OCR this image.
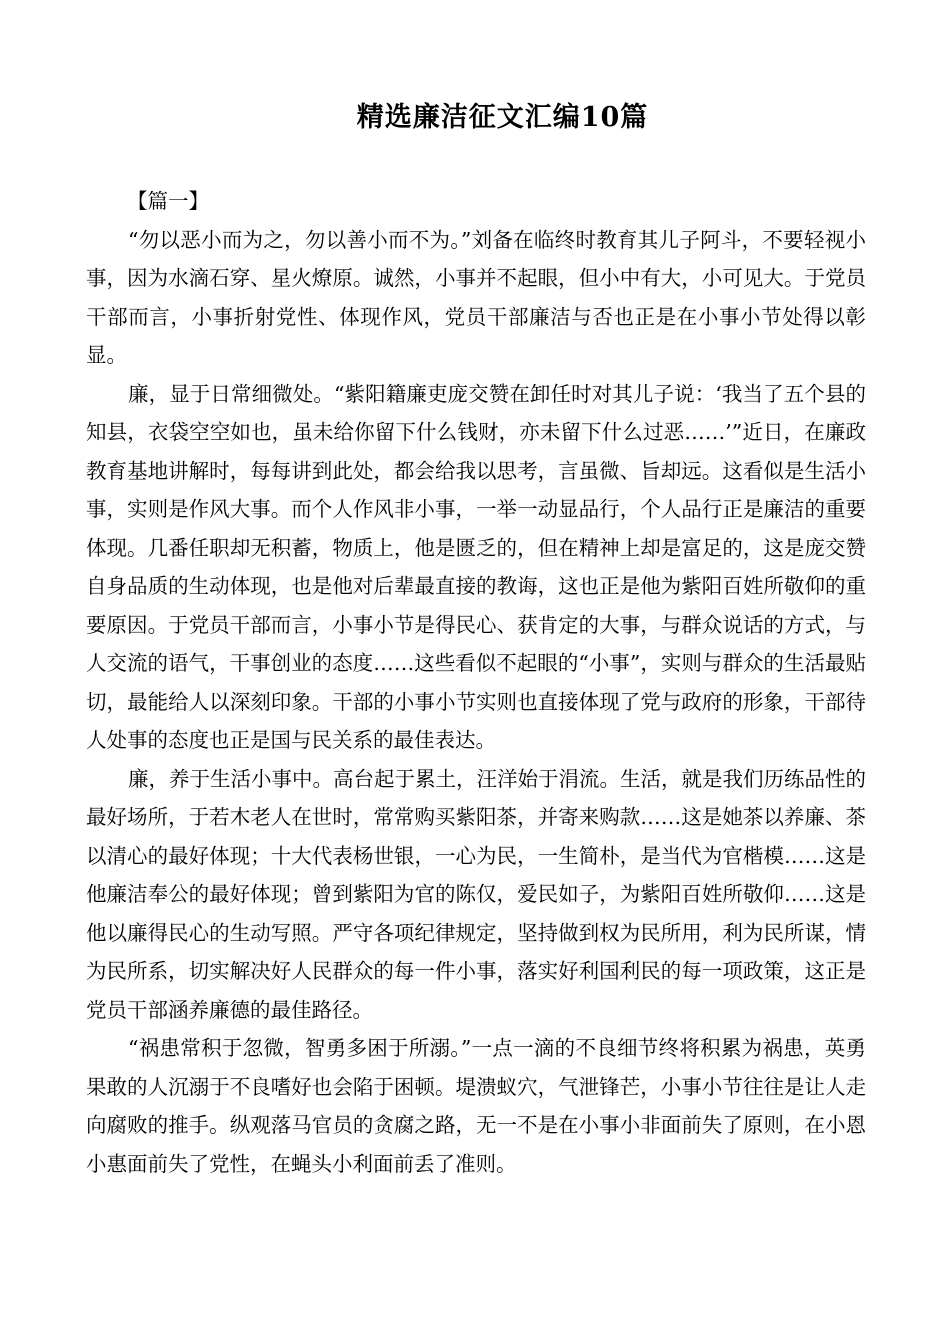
精选廉洁征文汇编10篇

【篇一】

“勿以恶小而为之，勿以善小而不为。”刘备在临终时教育其儿子阿斗，不要轻视小事，因为水滴石穿、星火燎原。诚然，小事并不起眼，但小中有大，小可见大。于党员干部而言，小事折射党性、体现作风，党员干部廉洁与否也正是在小事小节处得以彰显。

廉，显于日常细微处。“紫阳籍廉吏庞交赞在卸任时对其儿子说：‘我当了五个县的知县，衣袋空空如也，虽未给你留下什么钱财，亦未留下什么过恶……’”近日，在廉政教育基地讲解时，每每讲到此处，都会给我以思考，言虽微、旨却远。这看似是生活小事，实则是作风大事。而个人作风非小事，一举一动显品行，个人品行正是廉洁的重要体现。几番任职却无积蓄，物质上，他是匮乏的，但在精神上却是富足的，这是庞交赞自身品质的生动体现，也是他对后辈最直接的教诲，这也正是他为紫阳百姓所敬仰的重要原因。于党员干部而言，小事小节是得民心、获肯定的大事，与群众说话的方式，与人交流的语气，干事创业的态度……这些看似不起眼的“小事”，实则与群众的生活最贴切，最能给人以深刻印象。干部的小事小节实则也直接体现了党与政府的形象，干部待人处事的态度也正是国与民关系的最佳表达。

廉，养于生活小事中。高台起于累土，汪洋始于涓流。生活，就是我们历练品性的最好场所，于若木老人在世时，常常购买紫阳茶，并寄来购款……这是她茶以养廉、茶以清心的最好体现；十大代表杨世银，一心为民，一生简朴，是当代为官楷模……这是他廉洁奉公的最好体现；曾到紫阳为官的陈仅，爱民如子，为紫阳百姓所敬仰……这是他以廉得民心的生动写照。严守各项纪律规定，坚持做到权为民所用，利为民所谋，情为民所系，切实解决好人民群众的每一件小事，落实好利国利民的每一项政策，这正是党员干部涵养廉德的最佳路径。

“祸患常积于忽微，智勇多困于所溺。”一点一滴的不良细节终将积累为祸患，英勇果敢的人沉溺于不良嗜好也会陷于困顿。堤溃蚁穴，气泄锋芒，小事小节往往是让人走向腐败的推手。纵观落马官员的贪腐之路，无一不是在小事小非面前失了原则，在小恩小惠面前失了党性，在蝇头小利面前丢了准则。
